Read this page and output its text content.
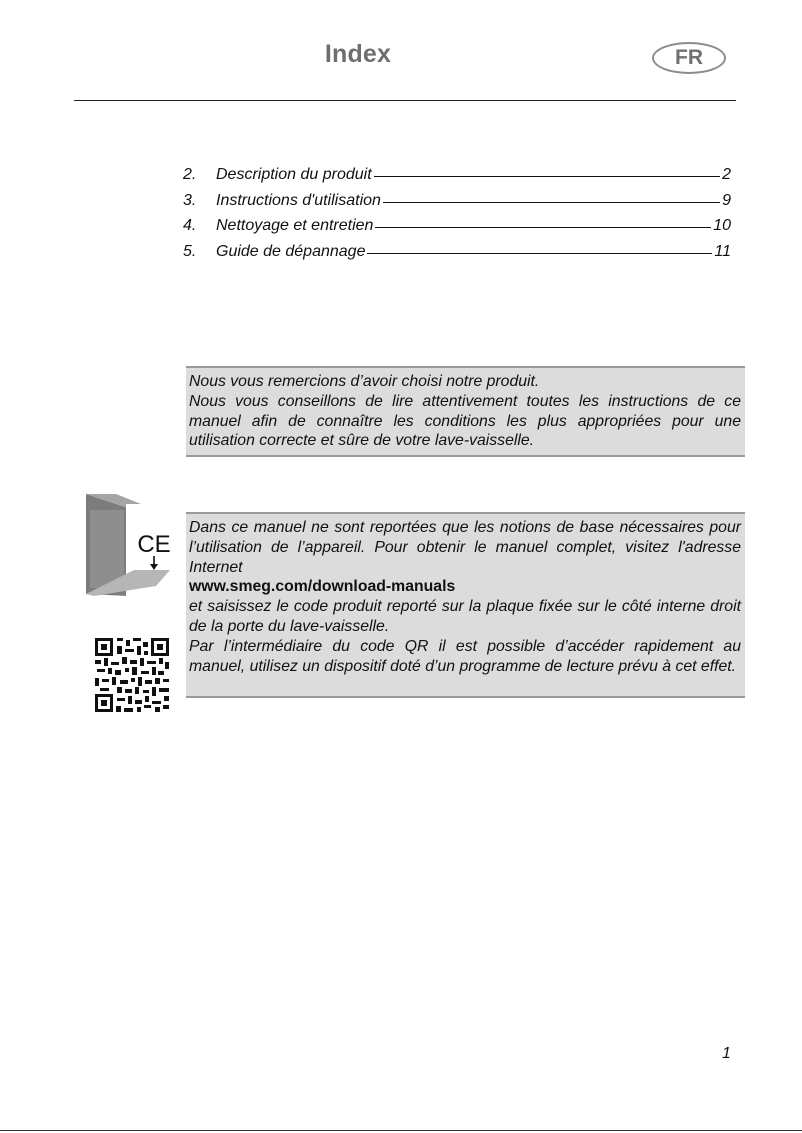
Index	FR
2.	Description du produit	2
3.	Instructions d'utilisation	9
4.	Nettoyage et entretien	10
5.	Guide de dépannage	11

Nous vous remercions d’avoir choisi notre produit.

Nous vous conseillons de lire attentivement toutes les instructions de ce manuel afin de connaître les conditions les plus appropriées pour une utilisation correcte et sûre de votre lave-vaisselle.

CE

Dans ce manuel ne sont reportées que les notions de base nécessaires pour l’utilisation de l’appareil. Pour obtenir le manuel complet, visitez l'adresse Internet

www.smeg.com/download-manuals

et saisissez le code produit reporté sur la plaque fixée sur le côté interne droit de la porte du lave-vaisselle.

Par l’intermédiaire du code QR il est possible d’accéder rapidement au manuel, utilisez un dispositif doté d’un programme de lecture prévu à cet effet.

1
